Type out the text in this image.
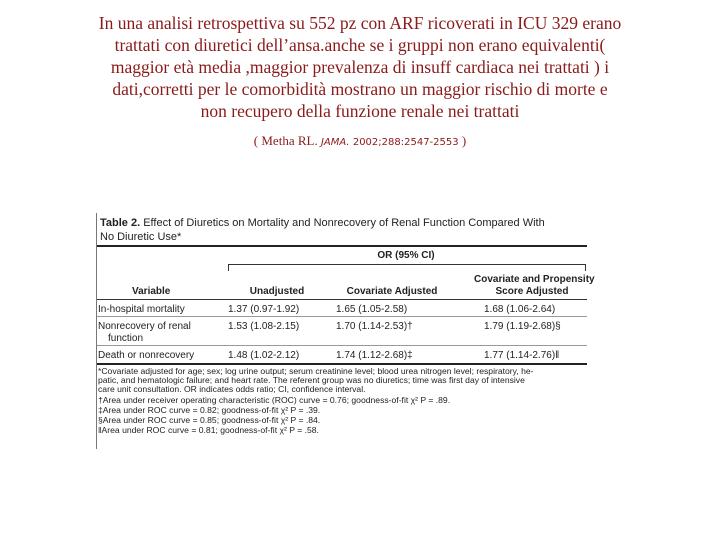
In una analisi retrospettiva su 552 pz con ARF ricoverati in ICU 329 erano
trattati con diuretici dell’ansa.anche se i gruppi non erano equivalenti(
maggior età media ,maggior prevalenza di insuff cardiaca nei trattati ) i
dati,corretti per le comorbidità mostrano un maggior rischio di morte e
non recupero della funzione renale nei trattati
( Metha RL. JAMA. 2002;288:2547-2553 )
Table 2. Effect of Diuretics on Mortality and Nonrecovery of Renal Function Compared With
No Diuretic Use*
OR (95% CI)
Covariate and Propensity
Variable	Unadjusted	Covariate Adjusted	Score Adjusted
In-hospital mortality	1.37 (0.97-1.92)	1.65 (1.05-2.58)	1.68 (1.06-2.64)
Nonrecovery of renal
function
1.53 (1.08-2.15)	1.70 (1.14-2.53)†	1.79 (1.19-2.68)§
Death or nonrecovery	1.48 (1.02-2.12)	1.74 (1.12-2.68)‡	1.77 (1.14-2.76)‖
*Covariate adjusted for age; sex; log urine output; serum creatinine level; blood urea nitrogen level; respiratory, he-
patic, and hematologic failure; and heart rate. The referent group was no diuretics; time was first day of intensive
care unit consultation. OR indicates odds ratio; CI, confidence interval.
†Area under receiver operating characteristic (ROC) curve = 0.76; goodness-of-fit χ² P = .89.
‡Area under ROC curve = 0.82; goodness-of-fit χ² P = .39.
§Area under ROC curve = 0.85; goodness-of-fit χ² P = .84.
‖Area under ROC curve = 0.81; goodness-of-fit χ² P = .58.
